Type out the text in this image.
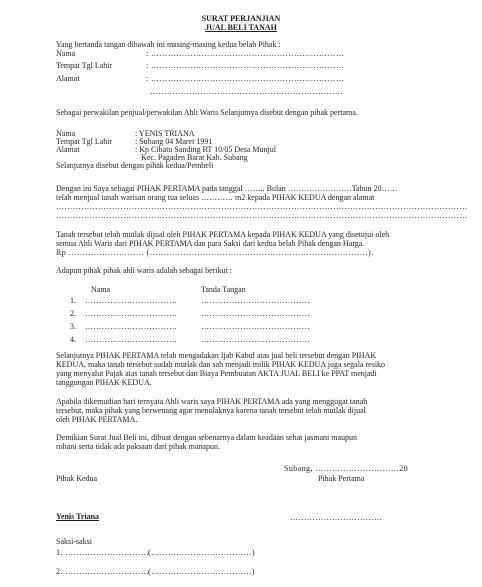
SURAT PERJANJIAN
JUAL BELI TANAH
Yang bertanda tangan dibawah ini masing-masing kedua belah Pihak :
Nama	: ……………………………………………………………
Tempat Tgl Lahir	: ……………………………………………………………
Alamat	: ……………………………………………………………
……………………………………………………………
Sebagai perwakilan penjual/perwakilan Ahli Waris Selanjutnya disebut dengan pihak pertama.
Nama	: YENIS TRIANA
Tempat Tgl Lahir	: Subang 04 Maret 1991
Alamat	: Kp Cibatu Sanding RT 10/05 Desa Munjul
Kec. Pagaden Barat Kab. Subang
Selanjutnya disebut dengan pihak kedua/Pembeli
Dengan ini Saya sebagai PIHAK PERTAMA pada tanggal …….. Bulan ……………………Tahun 20……
telah menjual tanah warisan orang tua seluas ………… m2 kepada PIHAK KEDUA dengan alamat
…………………………………………………………………………………………………………………………………
…………………………………………………………………………………………………………………………………
Tanah tersebut telah mutlak dijual oleh PIHAK PERTAMA kepada PIHAK KEDUA yang disetujui oleh
semua Ahli Waris dari PIHAK PERTAMA dan para Saksi dari kedua belah Pihak dengan Harga.
Rp ……………………… (……………………………………………………………………).
Adapun pihak pihak ahli waris adalah sebagai berikut :
Nama	Tanda Tangan
1. ……………………………	…………………………………
2. ……………………………	…………………………………
3. ……………………………	…………………………………
4. ……………………………	…………………………………
Selanjutnya PIHAK PERTAMA telah mengadakan Ijab Kabul atas jual beli tersebut dengan PIHAK
KEDUA, maka tanah tersebut sudah mutlak dan sah menjadi milik PIHAK KEDUA juga segala resiko
yang menyalut Pajak atas tanah tersebut dan Biaya Pembuatan AKTA JUAL BELI ke PPAT menjadi
tanggungan PIHAK KEDUA.
Apabila dikemudian hari ternyata Ahli waris saya PIHAK PERTAMA ada yang menggugat tanah
tersebut, maka pihak yang berwenang agar menolaknya karena tanah tersebut telah mutlak dijual
oleh PIHAK PERTAMA.
Demikian Surat Jual Beli ini, dibuat dengan sebenarnya dalam keadaan sehat jasmani maupun
rohani serta tidak ada paksaan dari pihak manapun.
Subang, …………………………20
Pihak Kedua	Pihak Pertama
Yenis Triana	……………………………
Saksi-saksi
1. …………………………
(………………………………)
2. …………………………
(………………………………)
